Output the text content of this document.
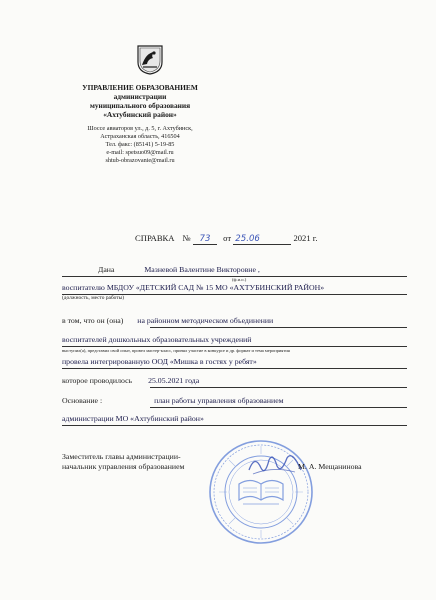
УПРАВЛЕНИЕ ОБРАЗОВАНИЕМ
администрации
муниципального образования
«Ахтубинский район»
Шоссе авиаторов ул., д. 5, г. Ахтубинск,
Астраханская область, 416504
Тел. факс: (85141) 5-19-85
e-mail: spetsuo09@mail.ru
shtub-obrazovanie@mail.ru
СПРАВКА № 73 от 25.06	2021 г.
Дана	Мазневой Валентине Викторовне ,
(ф.и.о.)
воспитателю МБДОУ «ДЕТСКИЙ САД № 15 МО «АХТУБИНСКИЙ РАЙОН»
(должность, место работы)
в том, что он (она) на районном методическом объединении
воспитателей дошкольных образовательных учреждений
выступил(а), представил свой опыт, провел мастер-класс, принял участие в конкурсе и др. формат и тема мероприятия
провела интегрированную ООД «Мишка в гостях у ребят»
которое проводилось 25.05.2021 года
Основание :	план работы управления образованием
администрации МО «Ахтубинский район»
Заместитель главы администрации-
начальник управления образованием	М. А. Мещанинова
